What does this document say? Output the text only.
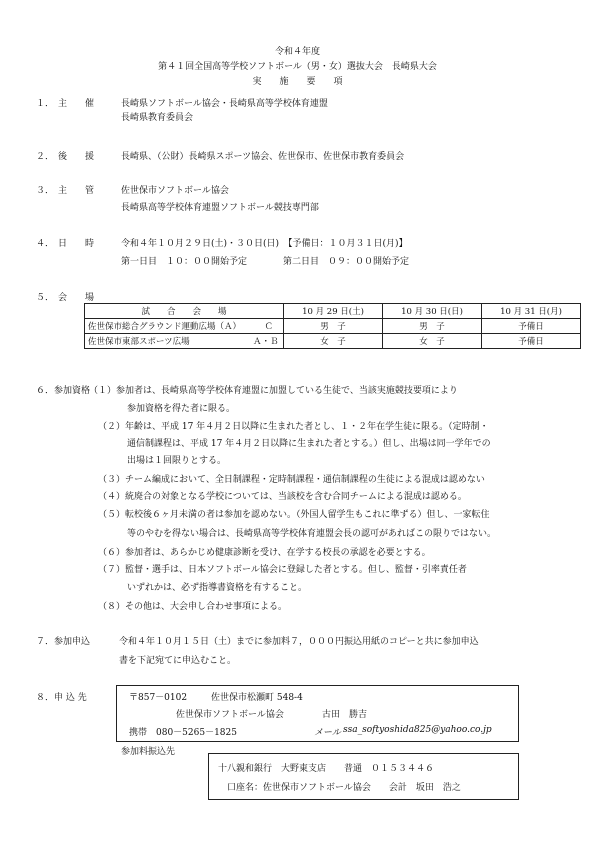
令和４年度
第４１回全国高等学校ソフトボール（男・女）選抜大会　長崎県大会
実　　施　　要　　項
１． 主　　催	長崎県ソフトボール協会・長崎県高等学校体育連盟
長崎県教育委員会
２． 後　　援	長崎県、（公財）長崎県スポーツ協会、佐世保市、佐世保市教育委員会
３． 主　　管	佐世保市ソフトボール協会
長崎県高等学校体育連盟ソフトボール競技専門部
４． 日　　時	令和４年１０月２９日(土)・３０日(日)　【予備日：１０月３１日(月)】
第一日目　１０：００開始予定　　　　第二日目　０９：００開始予定
５． 会　　場
試　　合　　会　　場	10 月 29 日(土)	10 月 30 日(日)	10 月 31 日(月)
佐世保市総合グラウンド運動広場（Ａ） Ｃ	男　子	男　子	予備日
佐世保市東部スポーツ広場 Ａ・Ｂ	女　子	女　子	予備日
６．参加資格
（１）参加者は、長崎県高等学校体育連盟に加盟している生徒で、当該実施競技要項により
参加資格を得た者に限る。
（２）年齢は、平成 17 年４月２日以降に生まれた者とし、１・２年在学生徒に限る。（定時制・
通信制課程は、平成 17 年４月２日以降に生まれた者とする。）但し、出場は同一学年での
出場は１回限りとする。
（３）チーム編成において、全日制課程・定時制課程・通信制課程の生徒による混成は認めない
（４）統廃合の対象となる学校については、当該校を含む合同チームによる混成は認める。
（５）転校後６ヶ月未満の者は参加を認めない。（外国人留学生もこれに準ずる）但し、一家転住
等のやむを得ない場合は、長崎県高等学校体育連盟会長の認可があればこの限りではない。
（６）参加者は、あらかじめ健康診断を受け、在学する校長の承認を必要とする。
（７）監督・選手は、日本ソフトボール協会に登録した者とする。但し、監督・引率責任者
いずれかは、必ず指導書資格を有すること。
（８）その他は、大会申し合わせ事項による。
７．参加申込	令和４年１０月１５日（土）までに参加料７，０００円振込用紙のコピーと共に参加申込
書を下記宛てに申込むこと。
８．申 込 先	〒857－0102	佐世保市松瀬町 548-4
佐世保市ソフトボール協会	古田　勝吉
携帯 080－5265－1825	メール ssa_softyoshida825@yahoo.co.jp
参加料振込先
十八親和銀行　大野東支店　　普通　０１５３４４６
口座名：佐世保市ソフトボール協会　　会計　坂田　浩之
